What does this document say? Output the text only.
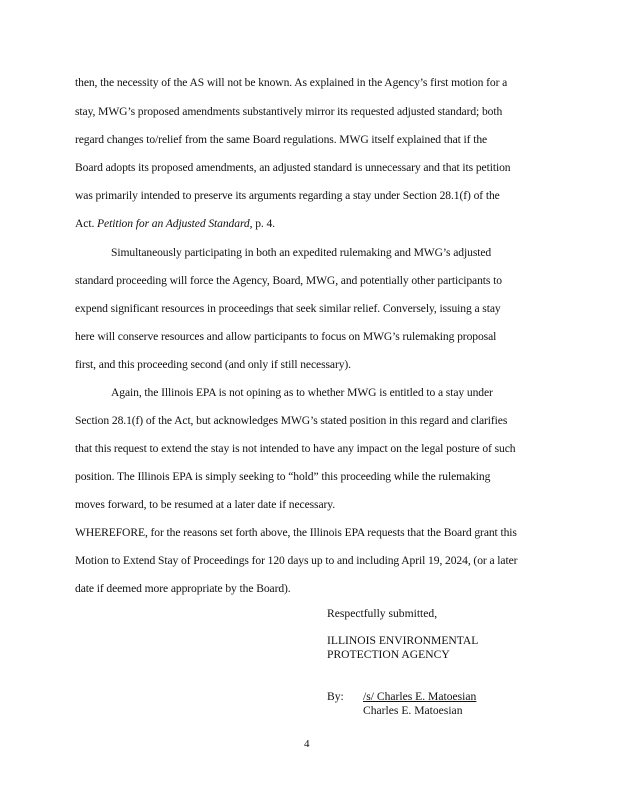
then, the necessity of the AS will not be known. As explained in the Agency’s first motion for a
stay, MWG’s proposed amendments substantively mirror its requested adjusted standard; both
regard changes to/relief from the same Board regulations. MWG itself explained that if the
Board adopts its proposed amendments, an adjusted standard is unnecessary and that its petition
was primarily intended to preserve its arguments regarding a stay under Section 28.1(f) of the
Act. Petition for an Adjusted Standard, p. 4.
Simultaneously participating in both an expedited rulemaking and MWG’s adjusted
standard proceeding will force the Agency, Board, MWG, and potentially other participants to
expend significant resources in proceedings that seek similar relief. Conversely, issuing a stay
here will conserve resources and allow participants to focus on MWG’s rulemaking proposal
first, and this proceeding second (and only if still necessary).
Again, the Illinois EPA is not opining as to whether MWG is entitled to a stay under
Section 28.1(f) of the Act, but acknowledges MWG’s stated position in this regard and clarifies
that this request to extend the stay is not intended to have any impact on the legal posture of such
position. The Illinois EPA is simply seeking to “hold” this proceeding while the rulemaking
moves forward, to be resumed at a later date if necessary.
WHEREFORE, for the reasons set forth above, the Illinois EPA requests that the Board grant this
Motion to Extend Stay of Proceedings for 120 days up to and including April 19, 2024, (or a later
date if deemed more appropriate by the Board).
Respectfully submitted,
ILLINOIS ENVIRONMENTAL
PROTECTION AGENCY
By: /s/ Charles E. Matoesian
Charles E. Matoesian
4
